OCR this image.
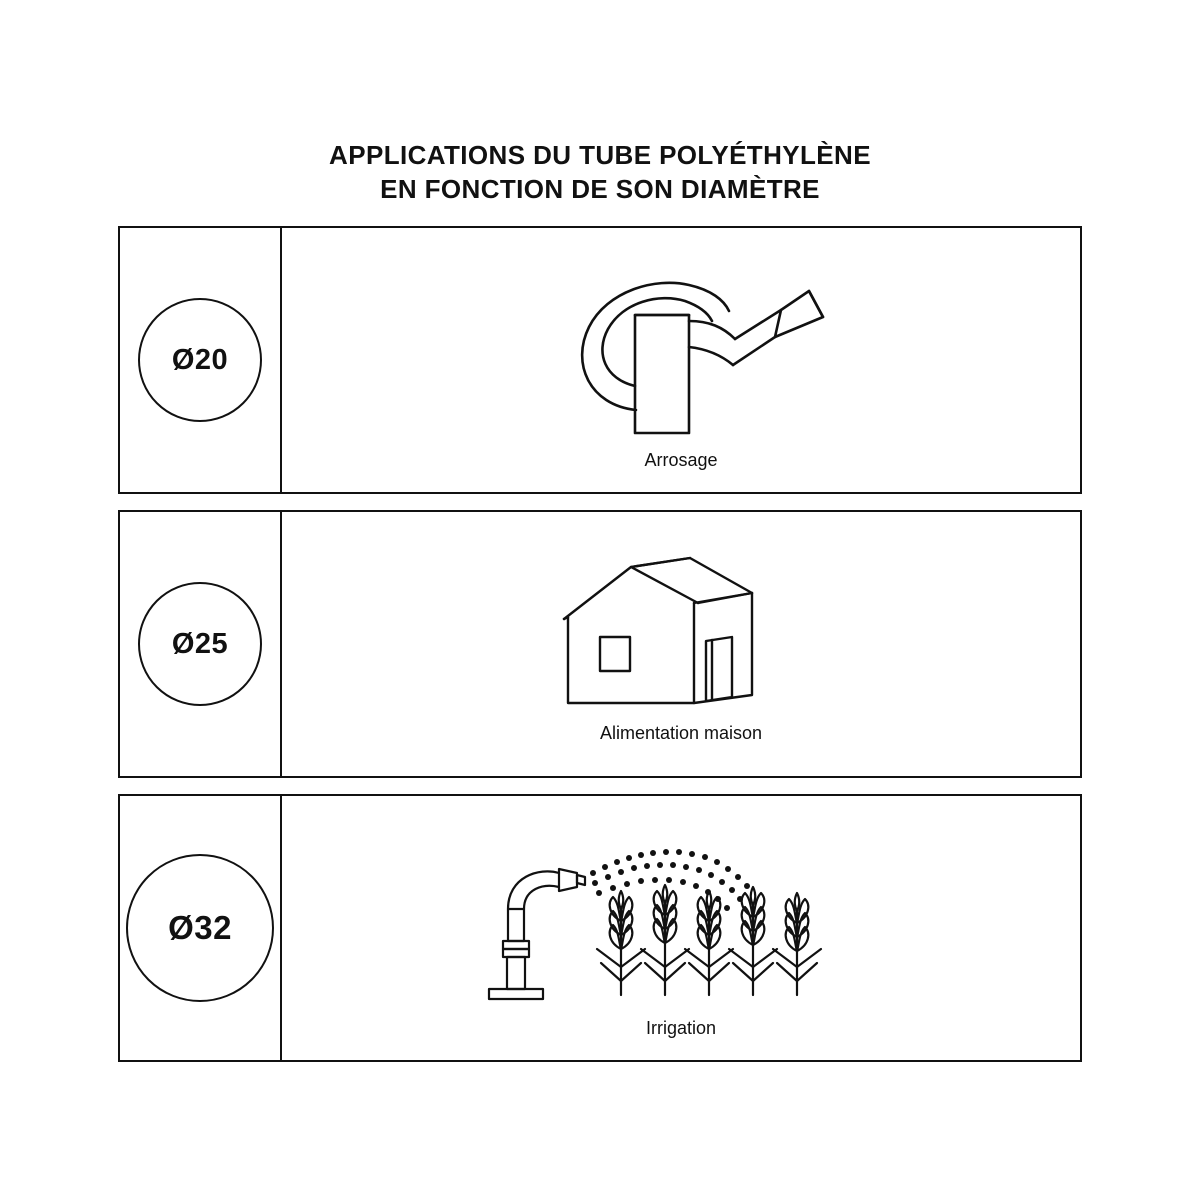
APPLICATIONS DU TUBE POLYÉTHYLÈNE
EN FONCTION DE SON DIAMÈTRE
Ø20
Arrosage
Ø25
Alimentation maison
Ø32
Irrigation
